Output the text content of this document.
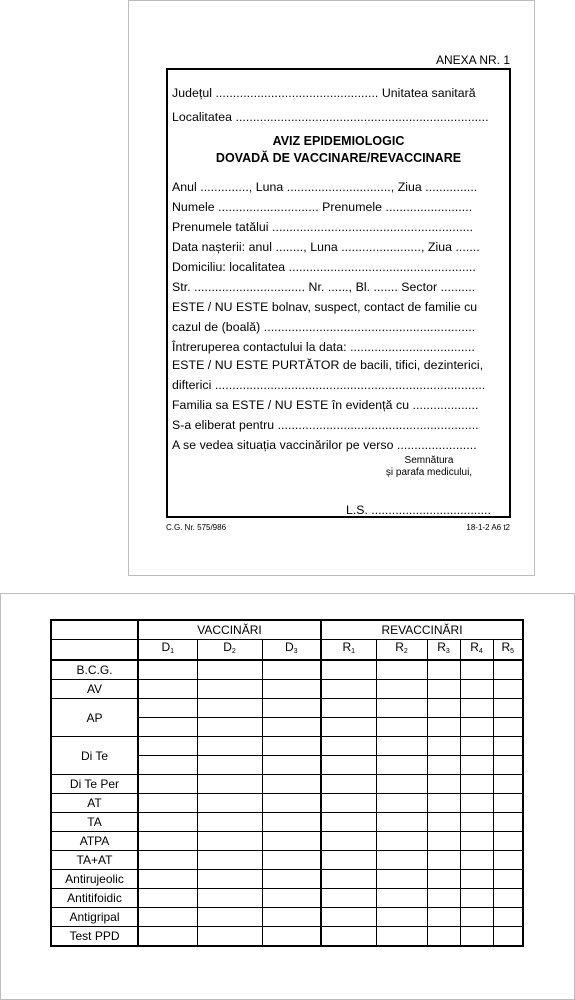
ANEXA NR. 1
Județul ............................................... Unitatea sanitară
Localitatea .........................................................................
AVIZ EPIDEMIOLOGIC
DOVADĂ DE VACCINARE/REVACCINARE
Anul .............., Luna .............................., Ziua ...............
Numele ............................. Prenumele .........................
Prenumele tatălui ..........................................................
Data nașterii: anul ........, Luna ......................., Ziua .......
Domiciliu: localitatea ......................................................
Str. ................................ Nr. ......, Bl. ....... Sector ..........
ESTE / NU ESTE bolnav, suspect, contact de familie cu
cazul de (boală) .............................................................
Întreruperea contactului la data: ....................................
ESTE / NU ESTE PURTĂTOR de bacili, tifici, dezinterici,
difterici ..............................................................................
Familia sa ESTE / NU ESTE în evidență cu ...................
S-a eliberat pentru ..........................................................
A se vedea situația vaccinărilor pe verso .......................
Semnătura
și parafa medicului,
L.S. ...................................
C.G. Nr. 575/986	18-1-2 A6 t2
	VACCINĂRI			REVACCINĂRI				
	$D_1$	$D_2$	$D_3$	$R_1$	$R_2$	$R_3$	$R_4$	$R_5$
B.C.G.								
AV								
AP								

Di Te								

Di Te Per								
AT								
TA								
ATPA								
TA+AT								
Antirujeolic								
Antitifoidic								
Antigripal								
Test PPD								
